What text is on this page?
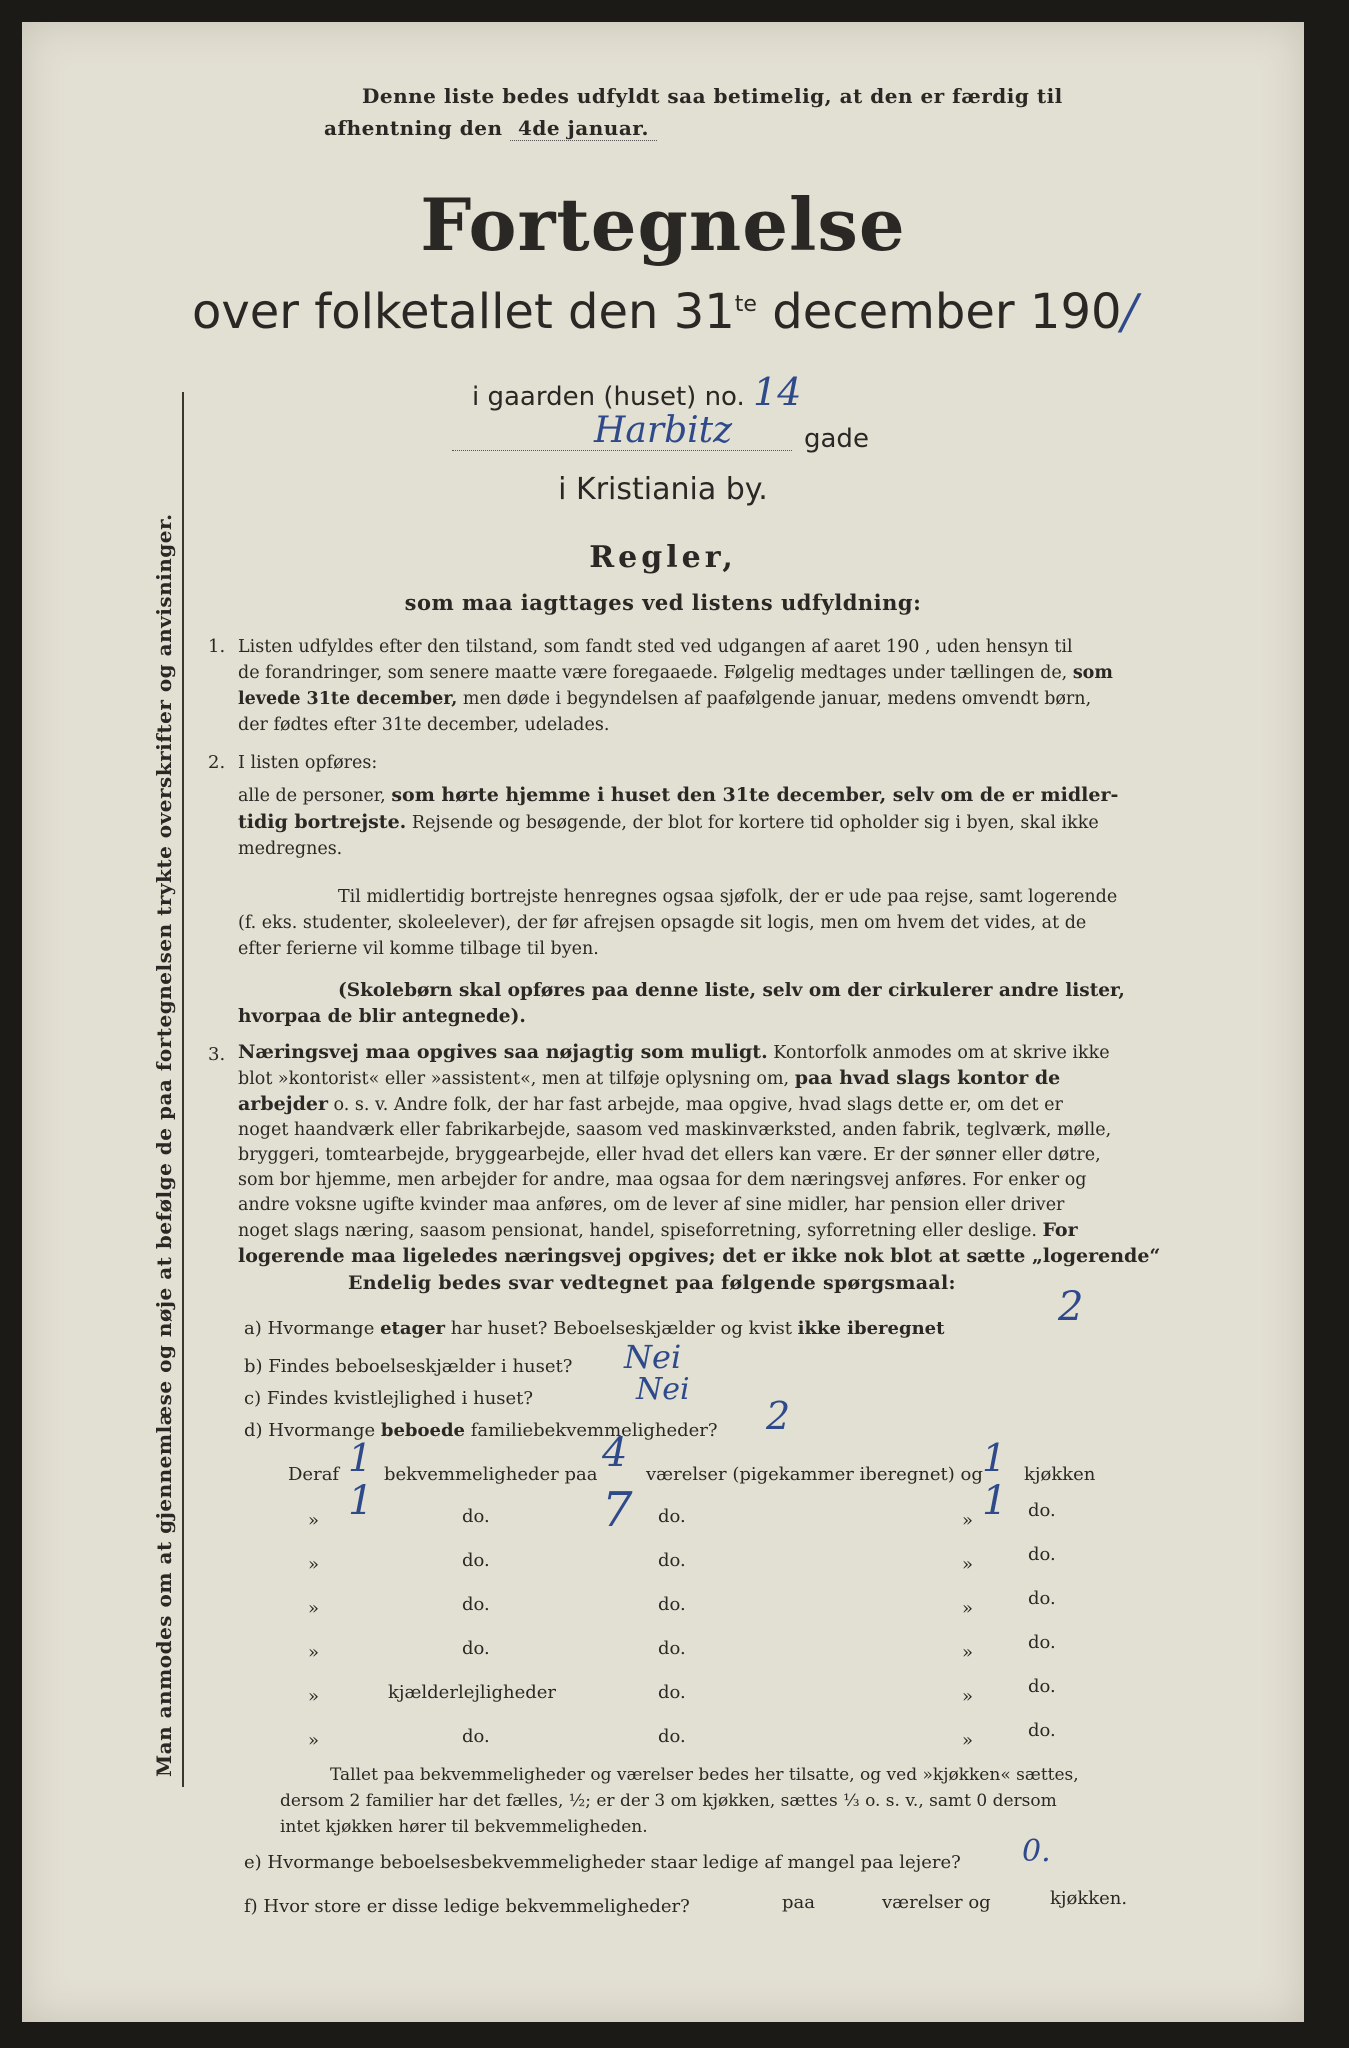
Man anmodes om at gjennemlæse og nøje at befølge de paa fortegnelsen trykte overskrifter og anvisninger.
Denne liste bedes udfyldt saa betimelig, at den er færdig til
afhentning den 4de januar.
Fortegnelse
over folketallet den $31^{te}$ december 190/
i gaarden (huset) no. 14
Harbitz	gade
i Kristiania by.
Regler,
som maa iagttages ved listens udfyldning:
1. Listen udfyldes efter den tilstand, som fandt sted ved udgangen af aaret 190 , uden hensyn til
de forandringer, som senere maatte være foregaaede. Følgelig medtages under tællingen de, som
levede 31te december, men døde i begyndelsen af paafølgende januar, medens omvendt børn,
der fødtes efter 31te december, udelades.
2. I listen opføres:
alle de personer, som hørte hjemme i huset den 31te december, selv om de er midler-
tidig bortrejste. Rejsende og besøgende, der blot for kortere tid opholder sig i byen, skal ikke
medregnes.
Til midlertidig bortrejste henregnes ogsaa sjøfolk, der er ude paa rejse, samt logerende
(f. eks. studenter, skoleelever), der før afrejsen opsagde sit logis, men om hvem det vides, at de
efter ferierne vil komme tilbage til byen.
(Skolebørn skal opføres paa denne liste, selv om der cirkulerer andre lister,
hvorpaa de blir antegnede).
3. Næringsvej maa opgives saa nøjagtig som muligt. Kontorfolk anmodes om at skrive ikke
blot »kontorist« eller »assistent«, men at tilføje oplysning om, paa hvad slags kontor de
arbejder o. s. v. Andre folk, der har fast arbejde, maa opgive, hvad slags dette er, om det er
noget haandværk eller fabrikarbejde, saasom ved maskinværksted, anden fabrik, teglværk, mølle,
bryggeri, tomtearbejde, bryggearbejde, eller hvad det ellers kan være. Er der sønner eller døtre,
som bor hjemme, men arbejder for andre, maa ogsaa for dem næringsvej anføres. For enker og
andre voksne ugifte kvinder maa anføres, om de lever af sine midler, har pension eller driver
noget slags næring, saasom pensionat, handel, spiseforretning, syforretning eller deslige. For
logerende maa ligeledes næringsvej opgives; det er ikke nok blot at sætte „logerende“
Endelig bedes svar vedtegnet paa følgende spørgsmaal:
a) Hvormange etager har huset? Beboelseskjælder og kvist ikke iberegnet	2
b) Findes beboelseskjælder i huset? Nei
c) Findes kvistlejlighed i huset?	Nei
d) Hvormange beboede familiebekvemmeligheder? 2
Deraf 1 bekvemmeligheder paa 4 værelser (pigekammer iberegnet) og 1 kjøkken
» 1	do. 7 do.	» 1 do.
»	do.	do.	»	do.
»	do.	do.	»	do.
»	do.	do.	»	do.
»	kjælderlejligheder	do.	»	do.
»	do.	do.	»	do.
Tallet paa bekvemmeligheder og værelser bedes her tilsatte, og ved »kjøkken« sættes,
dersom 2 familier har det fælles, ½; er der 3 om kjøkken, sættes ⅓ o. s. v., samt 0 dersom
intet kjøkken hører til bekvemmeligheden.
e) Hvormange beboelsesbekvemmeligheder staar ledige af mangel paa lejere? 0.
f) Hvor store er disse ledige bekvemmeligheder?	paa	værelser og	kjøkken.
